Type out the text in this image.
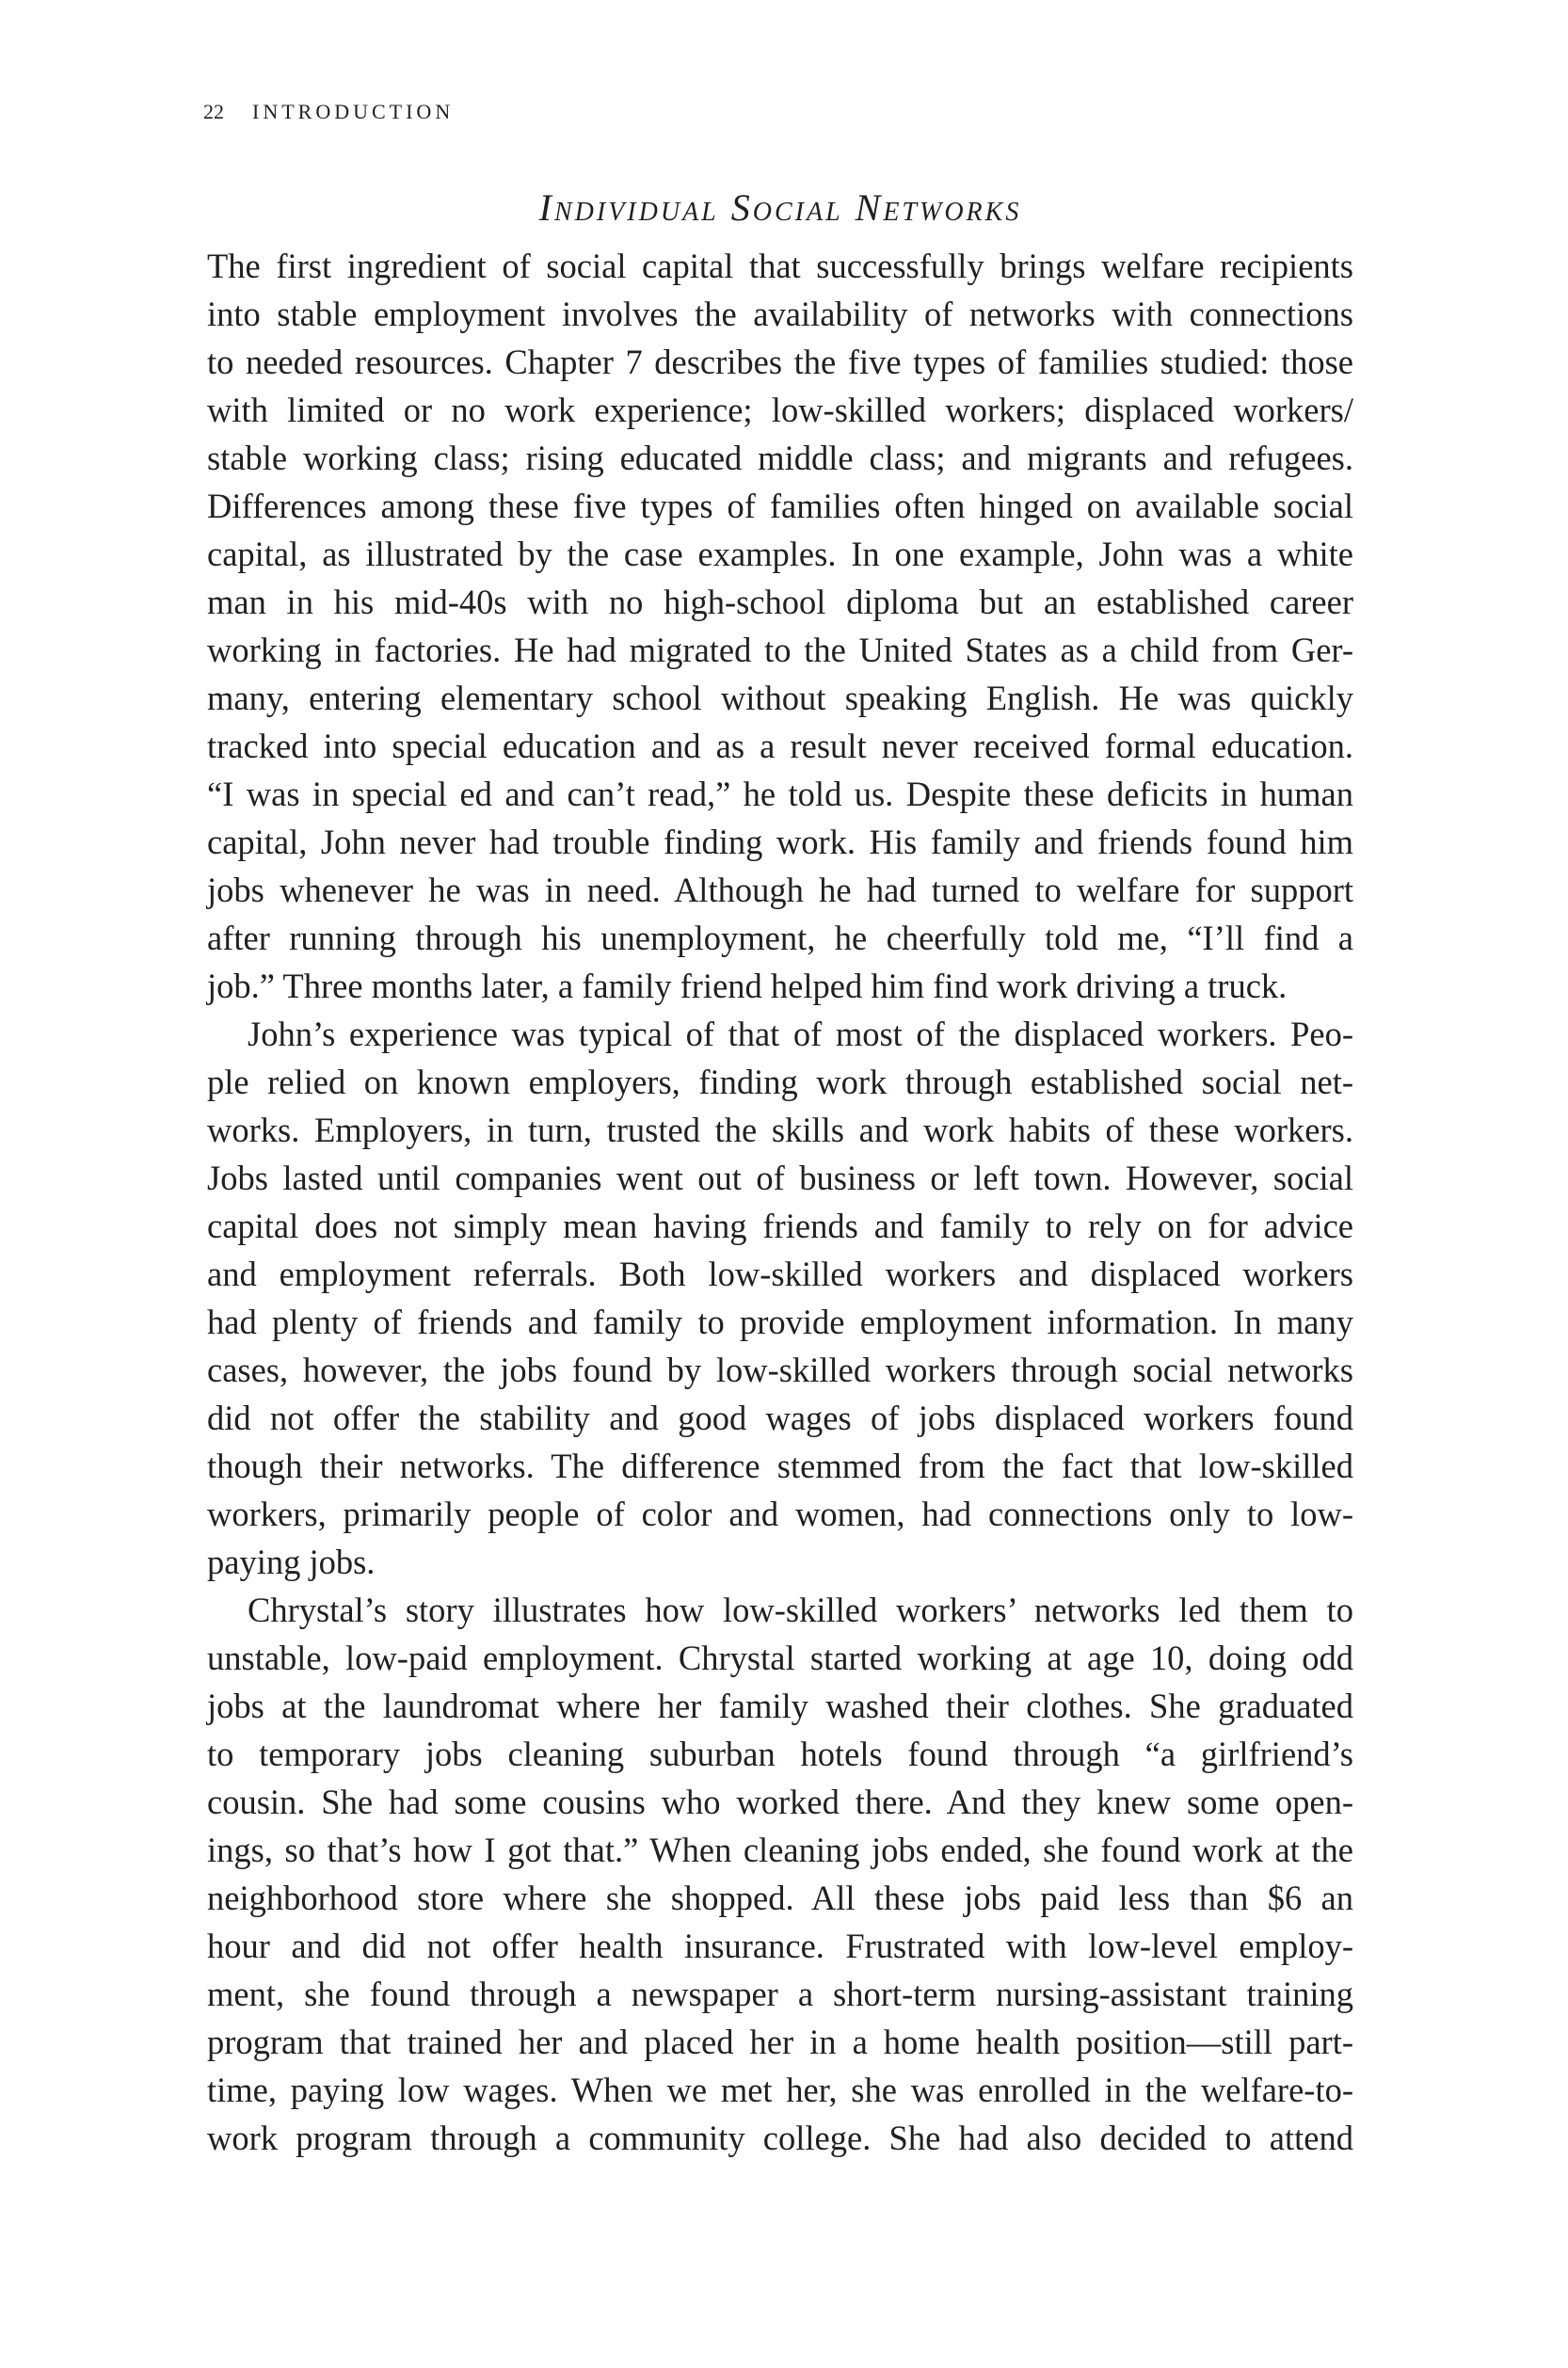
22 INTRODUCTION
Individual Social Networks
The first ingredient of social capital that successfully brings welfare recipients
into stable employment involves the availability of networks with connections
to needed resources. Chapter 7 describes the five types of families studied: those
with limited or no work experience; low-skilled workers; displaced workers/
stable working class; rising educated middle class; and migrants and refugees.
Differences among these five types of families often hinged on available social
capital, as illustrated by the case examples. In one example, John was a white
man in his mid-40s with no high-school diploma but an established career
working in factories. He had migrated to the United States as a child from Ger-
many, entering elementary school without speaking English. He was quickly
tracked into special education and as a result never received formal education.
“I was in special ed and can’t read,” he told us. Despite these deficits in human
capital, John never had trouble finding work. His family and friends found him
jobs whenever he was in need. Although he had turned to welfare for support
after running through his unemployment, he cheerfully told me, “I’ll find a
job.” Three months later, a family friend helped him find work driving a truck.
John’s experience was typical of that of most of the displaced workers. Peo-
ple relied on known employers, finding work through established social net-
works. Employers, in turn, trusted the skills and work habits of these workers.
Jobs lasted until companies went out of business or left town. However, social
capital does not simply mean having friends and family to rely on for advice
and employment referrals. Both low-skilled workers and displaced workers
had plenty of friends and family to provide employment information. In many
cases, however, the jobs found by low-skilled workers through social networks
did not offer the stability and good wages of jobs displaced workers found
though their networks. The difference stemmed from the fact that low-skilled
workers, primarily people of color and women, had connections only to low-
paying jobs.
Chrystal’s story illustrates how low-skilled workers’ networks led them to
unstable, low-paid employment. Chrystal started working at age 10, doing odd
jobs at the laundromat where her family washed their clothes. She graduated
to temporary jobs cleaning suburban hotels found through “a girlfriend’s
cousin. She had some cousins who worked there. And they knew some open-
ings, so that’s how I got that.” When cleaning jobs ended, she found work at the
neighborhood store where she shopped. All these jobs paid less than $6 an
hour and did not offer health insurance. Frustrated with low-level employ-
ment, she found through a newspaper a short-term nursing-assistant training
program that trained her and placed her in a home health position—still part-
time, paying low wages. When we met her, she was enrolled in the welfare-to-
work program through a community college. She had also decided to attend
